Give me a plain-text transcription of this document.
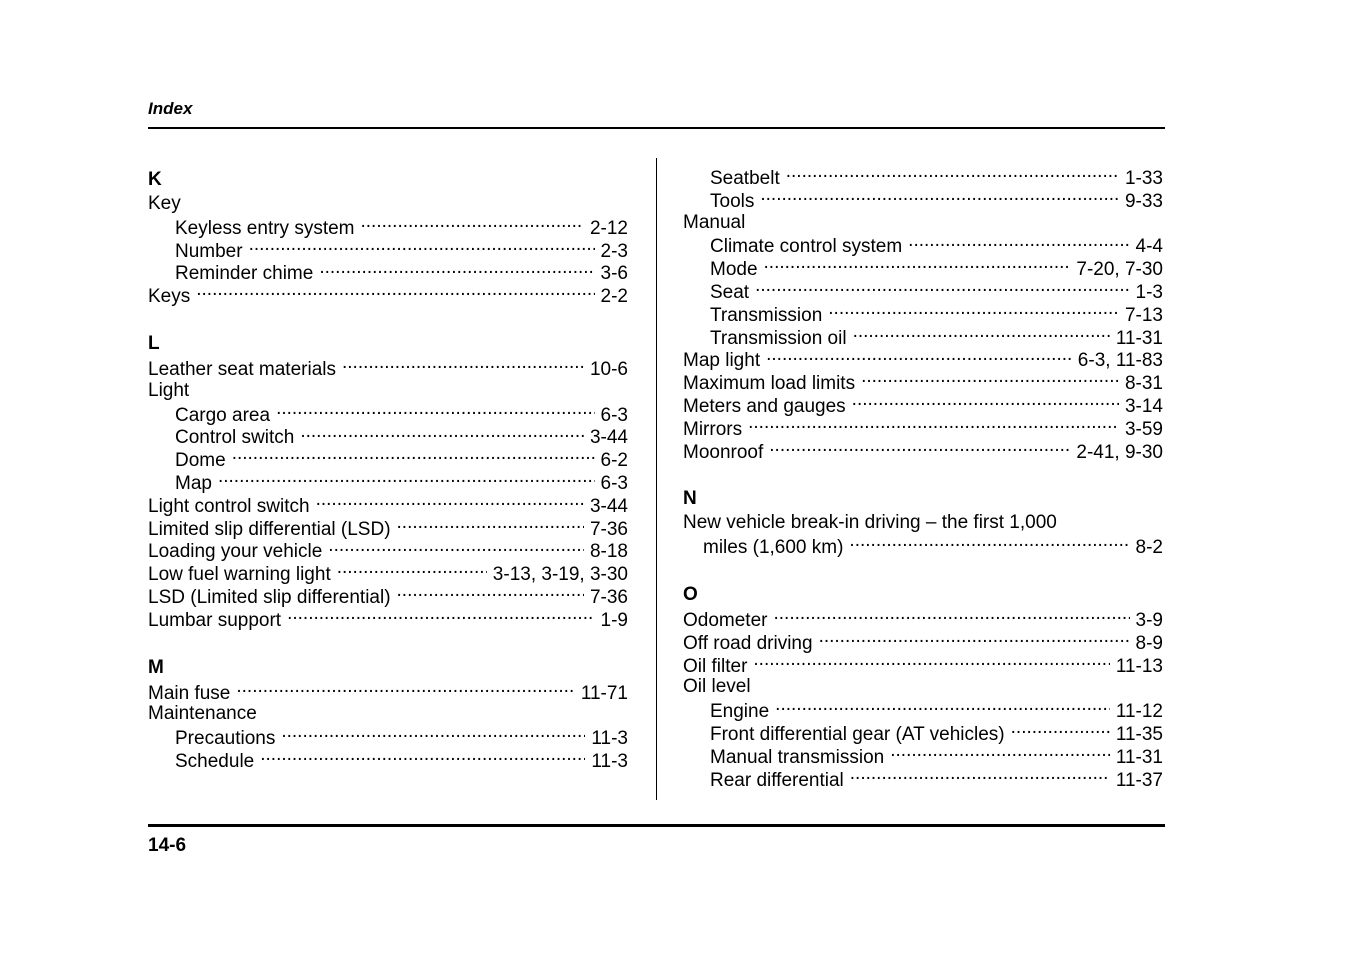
Index
K
Key
Keyless entry system .....	2-12
Number .....	2-3
Reminder chime .....	3-6
Keys .....	2-2
L
Leather seat materials .....	10-6
Light
Cargo area .....	6-3
Control switch .....	3-44
Dome .....	6-2
Map .....	6-3
Light control switch .....	3-44
Limited slip differential (LSD) .....	7-36
Loading your vehicle .....	8-18
Low fuel warning light .....	3-13, 3-19, 3-30
LSD (Limited slip differential) .....	7-36
Lumbar support .....	1-9
M
Main fuse .....	11-71
Maintenance
Precautions .....	11-3
Schedule .....	11-3
Seatbelt .....	1-33
Tools .....	9-33
Manual
Climate control system .....	4-4
Mode .....	7-20, 7-30
Seat .....	1-3
Transmission .....	7-13
Transmission oil .....	11-31
Map light .....	6-3, 11-83
Maximum load limits .....	8-31
Meters and gauges .....	3-14
Mirrors .....	3-59
Moonroof .....	2-41, 9-30
N
New vehicle break-in driving – the first 1,000
miles (1,600 km) .....	8-2
O
Odometer .....	3-9
Off road driving .....	8-9
Oil filter .....	11-13
Oil level
Engine .....	11-12
Front differential gear (AT vehicles) .....	11-35
Manual transmission .....	11-31
Rear differential .....	11-37
14-6
